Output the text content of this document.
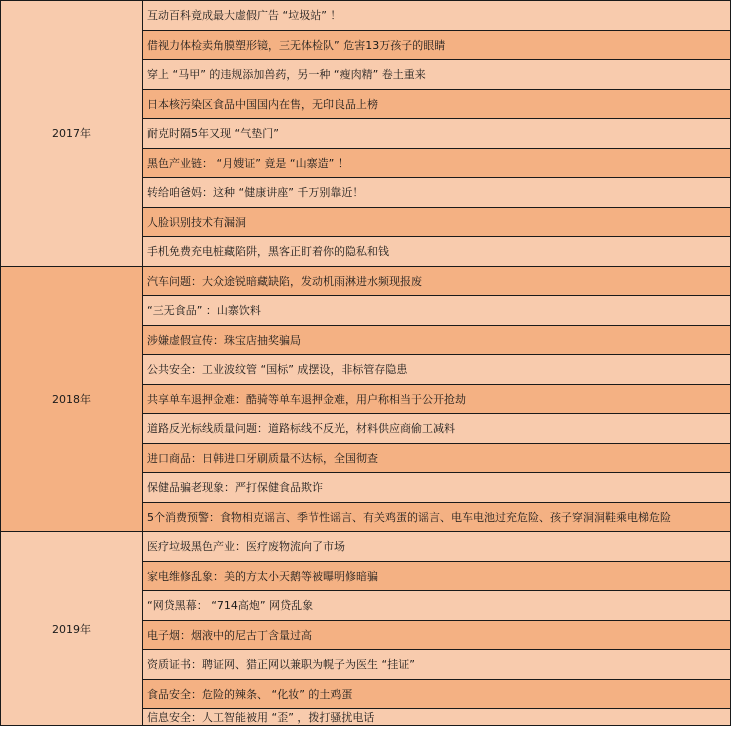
2017年	互动百科竟成最大虚假广告 “垃圾站” ！
	借视力体检卖角膜塑形镜，三无体检队” 危害13万孩子的眼睛
	穿上 “马甲” 的违规添加兽药，另一种 “瘦肉精” 卷土重来
	日本核污染区食品中国国内在售，无印良品上榜
	耐克时隔5年又现 “气垫门”
	黑色产业链： “月嫂证” 竟是 “山寨造” ！
	转给咱爸妈：这种 “健康讲座” 千万别靠近！
	人脸识别技术有漏洞
	手机免费充电桩藏陷阱，黑客正盯着你的隐私和钱
2018年	汽车问题：大众途锐暗藏缺陷，发动机雨淋进水频现报废
	“三无食品” ：山寨饮料
	涉嫌虚假宣传：珠宝店抽奖骗局
	公共安全：工业波纹管 “国标” 成摆设，非标管存隐患
	共享单车退押金难：酷骑等单车退押金难，用户称相当于公开抢劫
	道路反光标线质量问题：道路标线不反光，材料供应商偷工减料
	进口商品：日韩进口牙刷质量不达标，全国彻查
	保健品骗老现象：严打保健食品欺诈
	5个消费预警：食物相克谣言、季节性谣言、有关鸡蛋的谣言、电车电池过充危险、孩子穿洞洞鞋乘电梯危险
2019年	医疗垃圾黑色产业：医疗废物流向了市场
	家电维修乱象：美的方太小天鹅等被曝明修暗骗
	“网贷黑幕： “714高炮” 网贷乱象
	电子烟：烟液中的尼古丁含量过高
	资质证书：聘证网、猎正网以兼职为幌子为医生 “挂证”
	食品安全：危险的辣条、 “化妆” 的土鸡蛋
	信息安全：人工智能被用 “歪” ，拨打骚扰电话
